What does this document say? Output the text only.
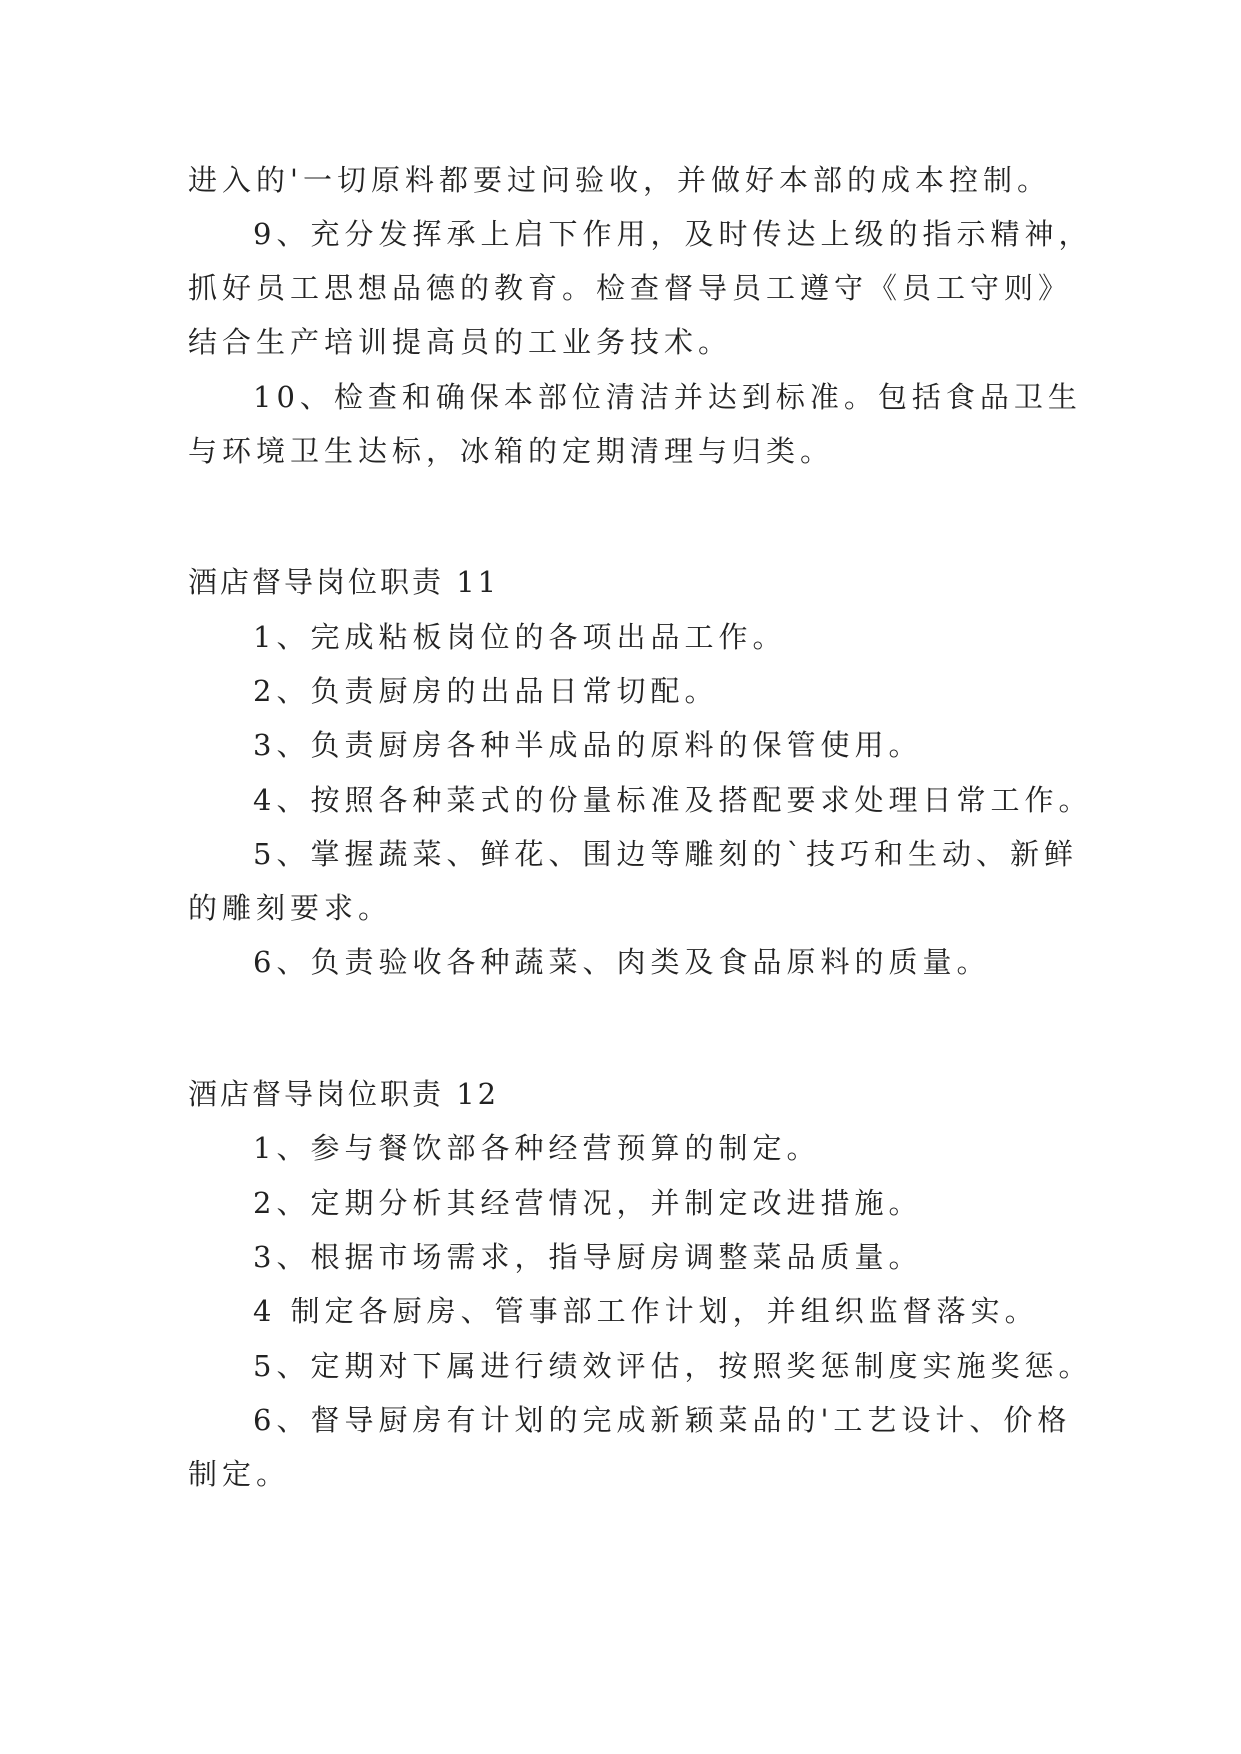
进入的'一切原料都要过问验收，并做好本部的成本控制。
9、充分发挥承上启下作用，及时传达上级的指示精神，
抓好员工思想品德的教育。检查督导员工遵守《员工守则》
结合生产培训提高员的工业务技术。
10、检查和确保本部位清洁并达到标准。包括食品卫生
与环境卫生达标，冰箱的定期清理与归类。
酒店督导岗位职责 11
1、完成粘板岗位的各项出品工作。
2、负责厨房的出品日常切配。
3、负责厨房各种半成品的原料的保管使用。
4、按照各种菜式的份量标准及搭配要求处理日常工作。
5、掌握蔬菜、鲜花、围边等雕刻的`技巧和生动、新鲜
的雕刻要求。
6、负责验收各种蔬菜、肉类及食品原料的质量。
酒店督导岗位职责 12
1、参与餐饮部各种经营预算的制定。
2、定期分析其经营情况，并制定改进措施。
3、根据市场需求，指导厨房调整菜品质量。
4 制定各厨房、管事部工作计划，并组织监督落实。
5、定期对下属进行绩效评估，按照奖惩制度实施奖惩。
6、督导厨房有计划的完成新颖菜品的'工艺设计、价格
制定。
